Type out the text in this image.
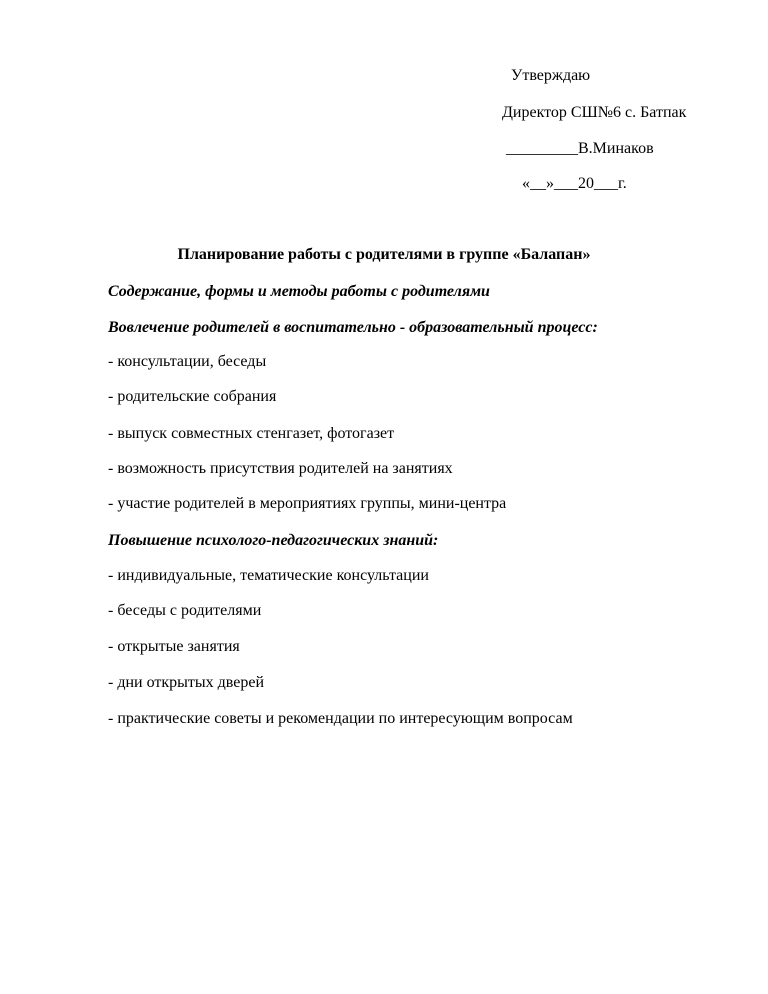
Утверждаю
Директор СШ№6 с. Батпак
_________В.Минаков
«__»___20___г.
Планирование работы с родителями в группе «Балапан»
Содержание, формы и методы работы с родителями
Вовлечение родителей в воспитательно - образовательный процесс:
- консультации, беседы
- родительские собрания
- выпуск совместных стенгазет, фотогазет
- возможность присутствия родителей на занятиях
- участие родителей в мероприятиях группы, мини-центра
Повышение психолого-педагогических знаний:
- индивидуальные, тематические консультации
- беседы с родителями
- открытые занятия
- дни открытых дверей
- практические советы и рекомендации по интересующим вопросам
